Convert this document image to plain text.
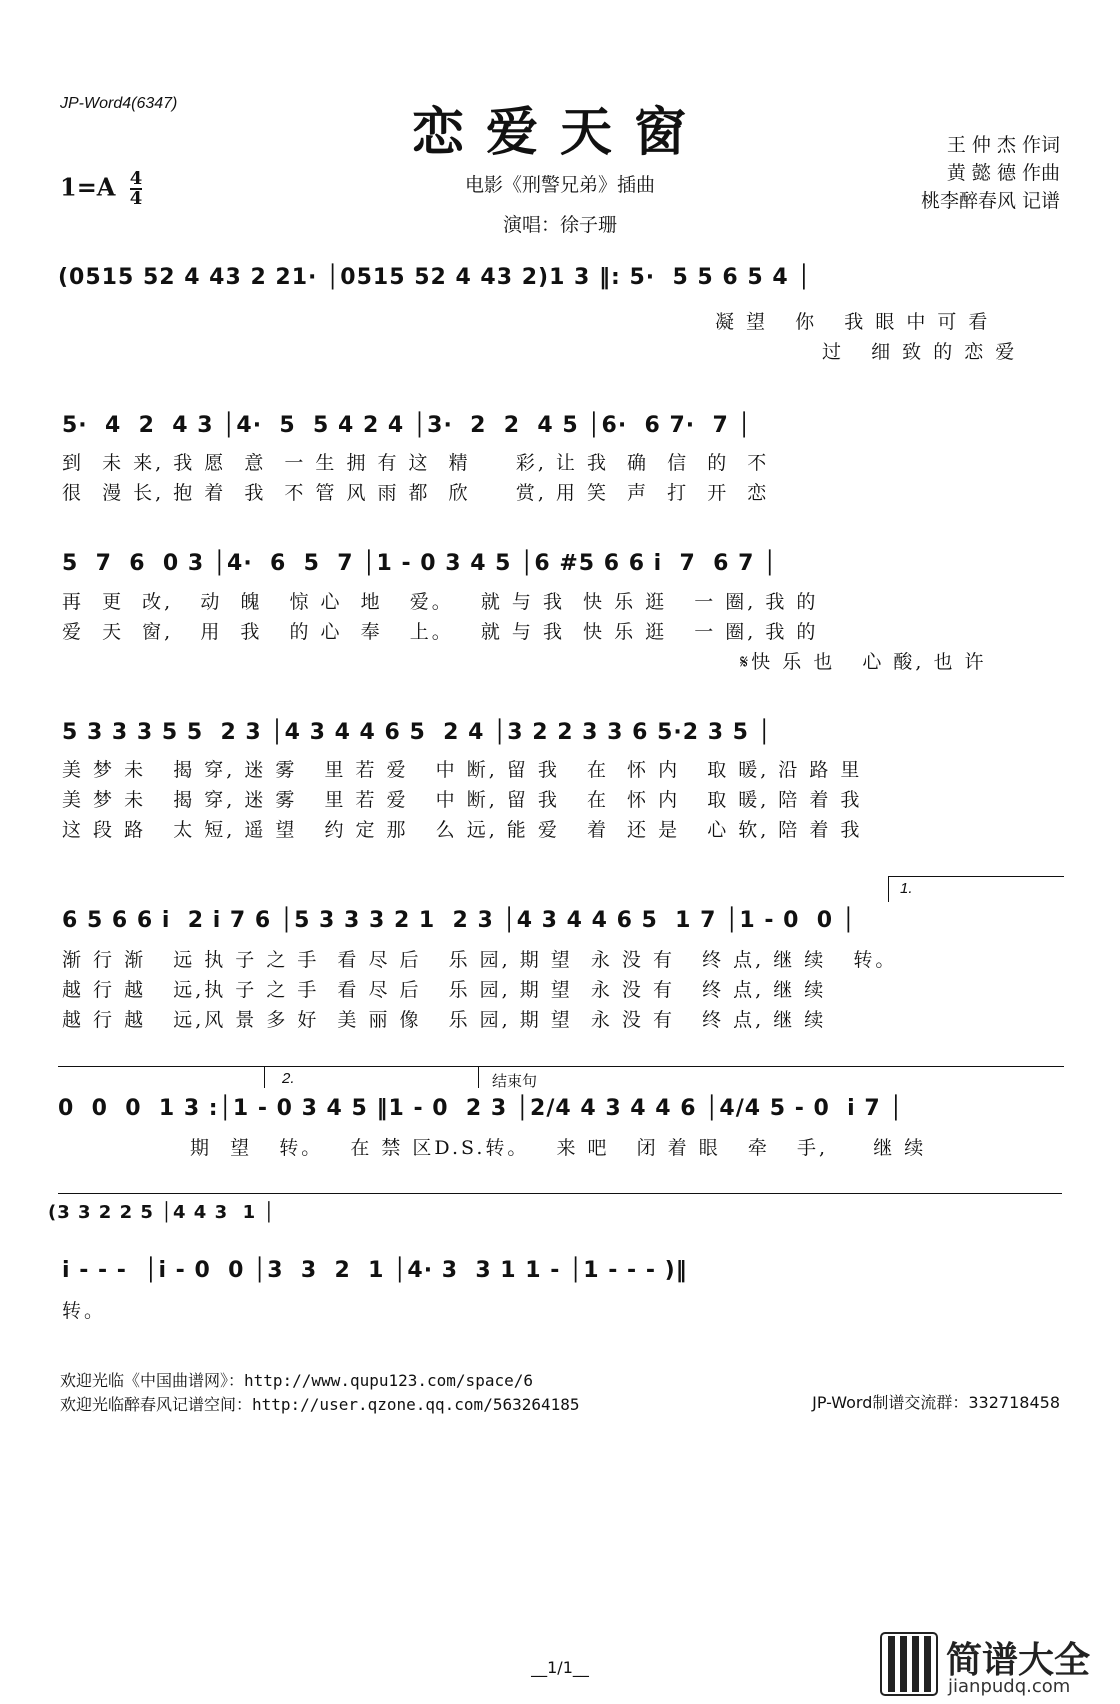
JP-Word4(6347)	恋爱天窗
$1=A \frac{4}{4}$	电影《刑警兄弟》插曲
演唱：徐子珊
王 仲 杰 作词
黄 懿 德 作曲
桃李醉春风 记谱
(0515 52 4 43 2 21· │0515 52 4 43 2)1 3 ‖: 5·  5 5 6 5 4 │
凝 望   你   我 眼 中 可 看
过   细 致 的 恋 爱
5·  4  2  4 3 │4·  5  5 4 2 4 │3·  2  2  4 5 │6·  6 7·  7 │
到  未 来, 我 愿  意  一 生 拥 有 这  精     彩, 让 我  确  信  的  不
很  漫 长, 抱 着  我  不 管 风 雨 都  欣     赏, 用 笑  声  打  开  恋
5  7  6  0 3 │4·  6  5  7 │1 - 0 3 4 5 │6 #5 6 6 i  7  6 7 │
再  更  改,   动  魄   惊 心  地   爱。   就 与 我  快 乐 逛   一 圈, 我 的
爱  天  窗,   用  我   的 心  奉   上。   就 与 我  快 乐 逛   一 圈, 我 的
𝄋快 乐 也   心 酸, 也 许
5 3 3 3 5 5  2 3 │4 3 4 4 6 5  2 4 │3 2 2 3 3 6 5·2 3 5 │
美 梦 未   揭 穿, 迷 雾   里 若 爱   中 断, 留 我   在  怀 内   取 暖, 沿 路 里
美 梦 未   揭 穿, 迷 雾   里 若 爱   中 断, 留 我   在  怀 内   取 暖, 陪 着 我
这 段 路   太 短, 遥 望   约 定 那   么 远, 能 爱   着  还 是   心 软, 陪 着 我
1.
6 5 6 6 i  2 i 7 6 │5 3 3 3 2 1  2 3 │4 3 4 4 6 5  1 7 │1 - 0  0 │
渐 行 渐   远 执 子 之 手  看 尽 后   乐 园, 期 望  永 没 有   终 点, 继 续   转。
越 行 越   远,执 子 之 手  看 尽 后   乐 园, 期 望  永 没 有   终 点, 继 续
越 行 越   远,风 景 多 好  美 丽 像   乐 园, 期 望  永 没 有   终 点, 继 续
2.	结束句
0  0  0  1 3 :│1 - 0 3 4 5 ‖1 - 0  2 3 │2/4 4 3 4 4 6 │4/4 5 - 0  i 7 │
期  望   转。   在 禁 区D.S.转。   来 吧   闭 着 眼   牵   手,     继 续
(3 3 2 2 5 │4 4 3  1 │
i - - -  │i - 0  0 │3  3  2  1 │4· 3  3 1 1 - │1 - - - )‖
转。
欢迎光临《中国曲谱网》：http://www.qupu123.com/space/6
欢迎光临醉春风记谱空间：http://user.qzone.qq.com/563264185	JP-Word制谱交流群：332718458
__1/1__	简谱大全
jianpudq.com
